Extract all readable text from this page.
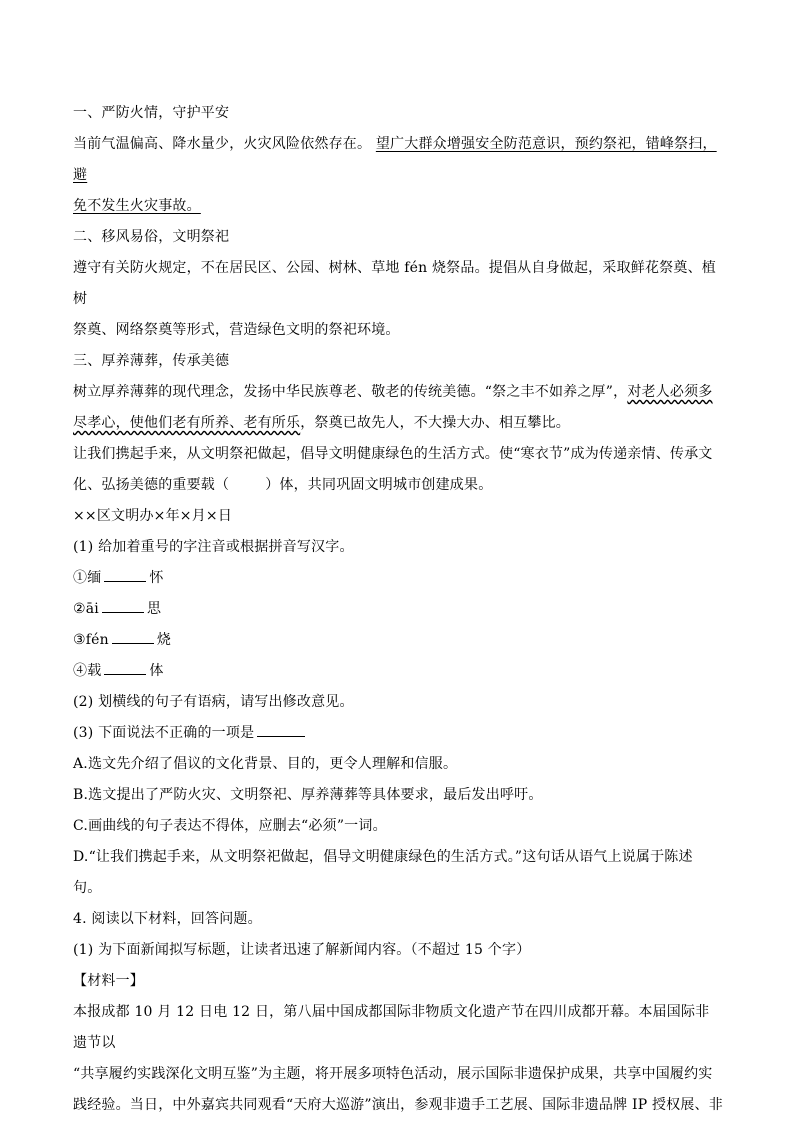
一、严防火情，守护平安

当前气温偏高、降水量少，火灾风险依然存在。 望广大群众增强安全防范意识，预约祭祀，错峰祭扫，避

免不发生火灾事故。

二、移风易俗，文明祭祀

遵守有关防火规定，不在居民区、公园、树林、草地 fén 烧祭品。提倡从自身做起，采取鲜花祭奠、植树

祭奠、网络祭奠等形式，营造绿色文明的祭祀环境。

三、厚养薄葬，传承美德

树立厚养薄葬的现代理念，发扬中华民族尊老、敬老的传统美德。“祭之丰不如养之厚”，对老人必须多

尽孝心，使他们老有所养、老有所乐，祭奠已故先人，不大操大办、相互攀比。

让我们携起手来，从文明祭祀做起，倡导文明健康绿色的生活方式。使“寒衣节”成为传递亲情、传承文

化、弘扬美德的重要载（	）体，共同巩固文明城市创建成果。

××区文明办×年×月×日

(1) 给加着重号的字注音或根据拼音写汉字。

①缅	怀

②āi	思

③fén	烧

④载	体

(2) 划横线的句子有语病，请写出修改意见。

(3) 下面说法不正确的一项是

A.选文先介绍了倡议的文化背景、目的，更令人理解和信服。

B.选文提出了严防火灾、文明祭祀、厚养薄葬等具体要求，最后发出呼吁。

C.画曲线的句子表达不得体，应删去“必须”一词。

D.“让我们携起手来，从文明祭祀做起，倡导文明健康绿色的生活方式。”这句话从语气上说属于陈述

句。

4. 阅读以下材料，回答问题。

(1) 为下面新闻拟写标题，让读者迅速了解新闻内容。（不超过 15 个字）

【材料一】

本报成都 10 月 12 日电 12 日，第八届中国成都国际非物质文化遗产节在四川成都开幕。本届国际非遗节以

“共享履约实践深化文明互鉴”为主题，将开展多项特色活动，展示国际非遗保护成果，共享中国履约实

践经验。当日，中外嘉宾共同观看“天府大巡游”演出，参观非遗手工艺展、国际非遗品牌 IP 授权展、非
